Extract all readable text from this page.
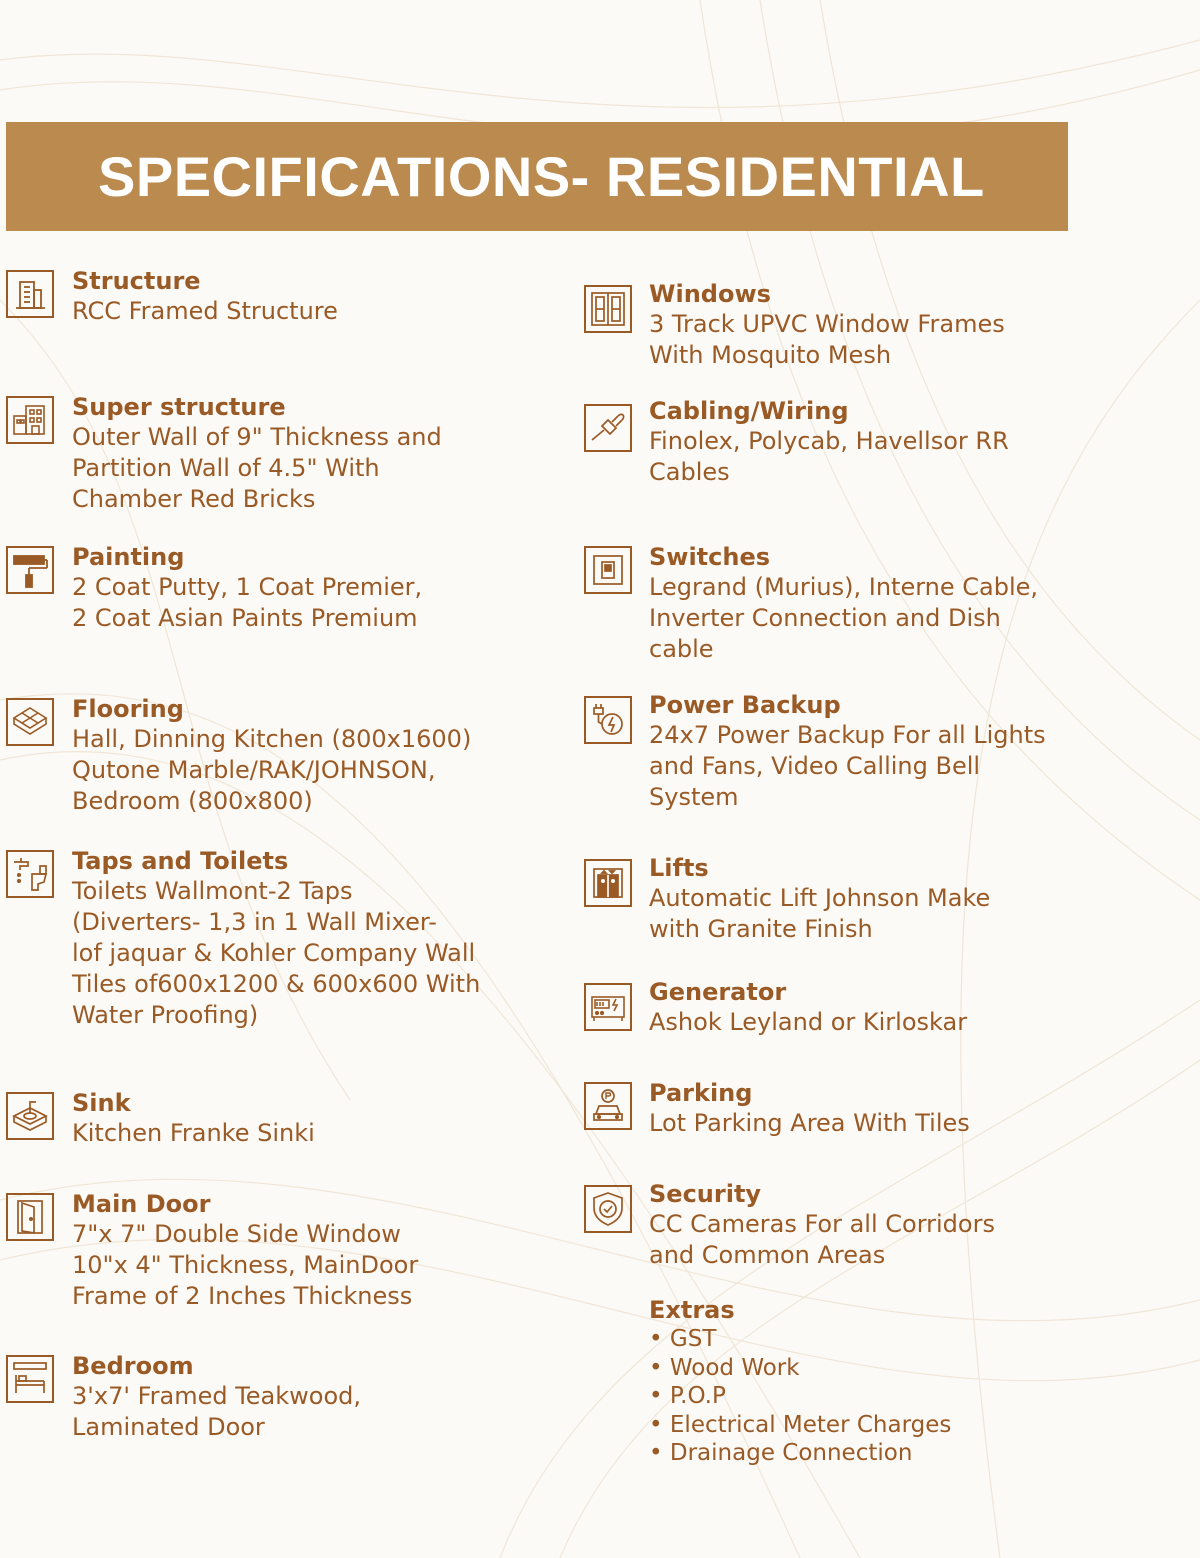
SPECIFICATIONS- RESIDENTIAL
Structure
RCC Framed Structure
Super structure
Outer Wall of 9" Thickness and
Partition Wall of 4.5" With
Chamber Red Bricks
Painting
2 Coat Putty, 1 Coat Premier,
2 Coat Asian Paints Premium
Flooring
Hall, Dinning Kitchen (800x1600)
Qutone Marble/RAK/JOHNSON,
Bedroom (800x800)
Taps and Toilets
Toilets Wallmont-2 Taps
(Diverters- 1,3 in 1 Wall Mixer-
lof jaquar & Kohler Company Wall
Tiles of600x1200 & 600x600 With
Water Proofing)
Sink
Kitchen Franke Sinki
Main Door
7"x 7" Double Side Window
10"x 4" Thickness, MainDoor
Frame of 2 Inches Thickness
Bedroom
3'x7' Framed Teakwood,
Laminated Door
Windows
3 Track UPVC Window Frames
With Mosquito Mesh
Cabling/Wiring
Finolex, Polycab, Havellsor RR
Cables
Switches
Legrand (Murius), Interne Cable,
Inverter Connection and Dish
cable
Power Backup
24x7 Power Backup For all Lights
and Fans, Video Calling Bell
System
Lifts
Automatic Lift Johnson Make
with Granite Finish
Generator
Ashok Leyland or Kirloskar
Parking
Lot Parking Area With Tiles
Security
CC Cameras For all Corridors
and Common Areas
Extras
• GST
• Wood Work
• P.O.P
• Electrical Meter Charges
• Drainage Connection
